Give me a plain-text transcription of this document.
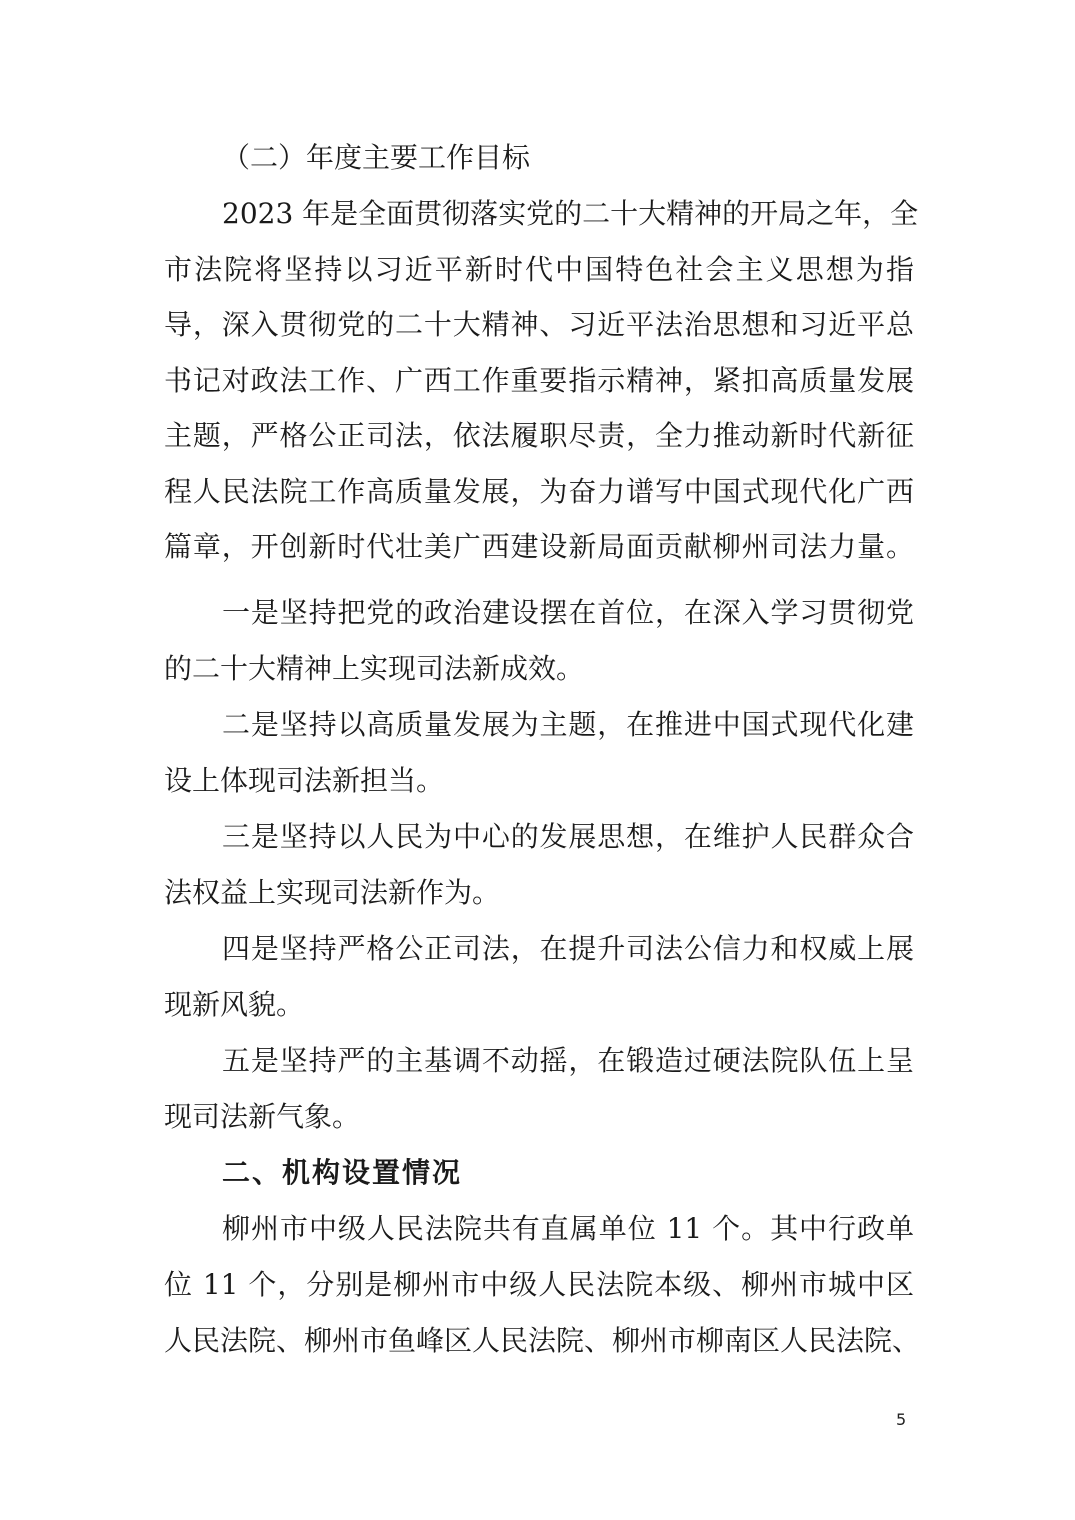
（二）年度主要工作目标
2023 年是全面贯彻落实党的二十大精神的开局之年，全
市法院将坚持以习近平新时代中国特色社会主义思想为指
导，深入贯彻党的二十大精神、习近平法治思想和习近平总
书记对政法工作、广西工作重要指示精神，紧扣高质量发展
主题，严格公正司法，依法履职尽责，全力推动新时代新征
程人民法院工作高质量发展，为奋力谱写中国式现代化广西
篇章，开创新时代壮美广西建设新局面贡献柳州司法力量。
一是坚持把党的政治建设摆在首位，在深入学习贯彻党
的二十大精神上实现司法新成效。
二是坚持以高质量发展为主题，在推进中国式现代化建
设上体现司法新担当。
三是坚持以人民为中心的发展思想，在维护人民群众合
法权益上实现司法新作为。
四是坚持严格公正司法，在提升司法公信力和权威上展
现新风貌。
五是坚持严的主基调不动摇，在锻造过硬法院队伍上呈
现司法新气象。
二、机构设置情况
柳州市中级人民法院共有直属单位 11 个。其中行政单
位 11 个，分别是柳州市中级人民法院本级、柳州市城中区
人民法院、柳州市鱼峰区人民法院、柳州市柳南区人民法院、
5
